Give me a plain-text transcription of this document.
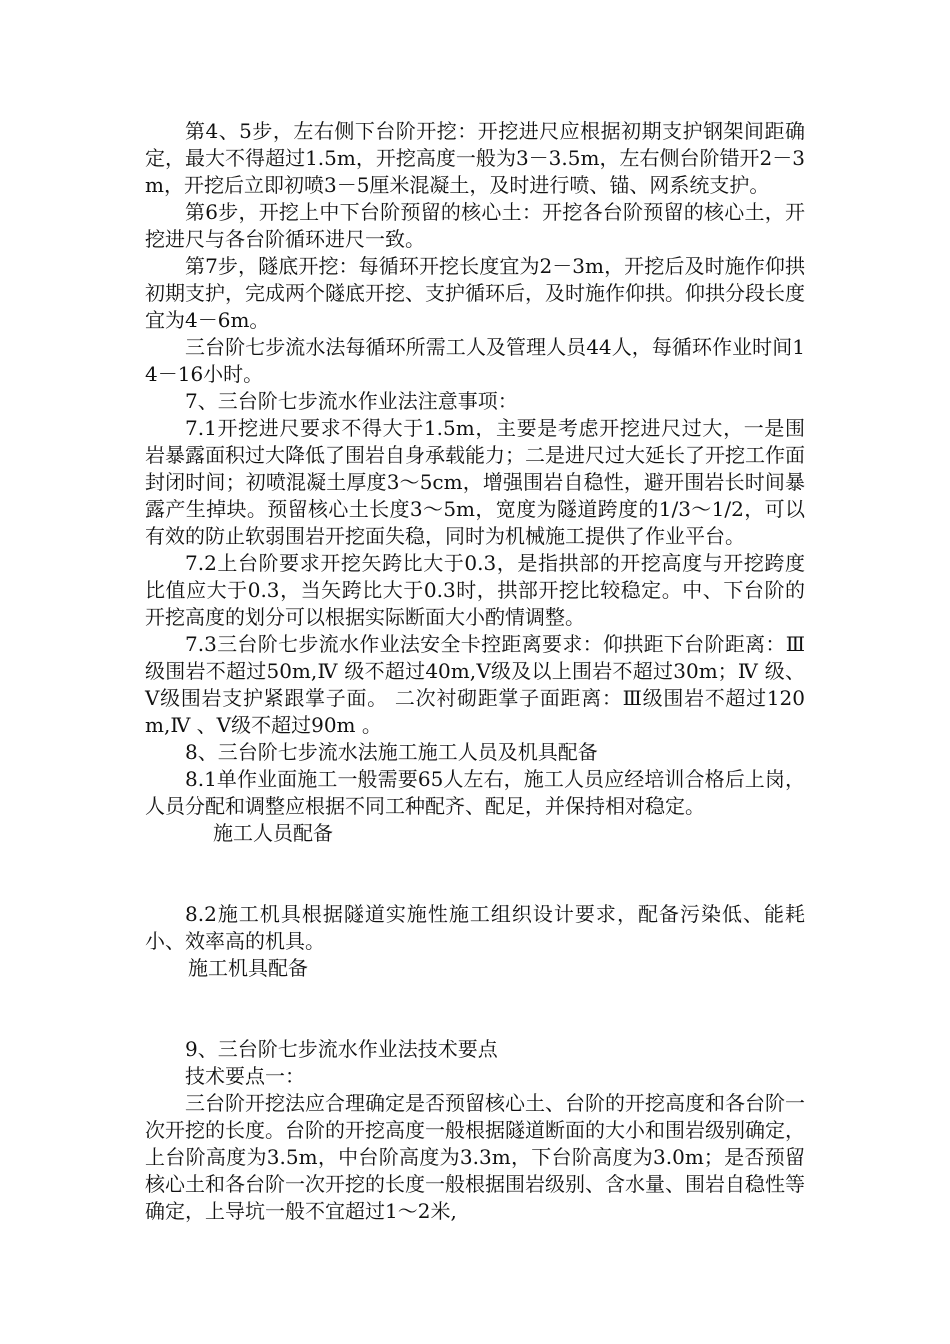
第4、5步，左右侧下台阶开挖：开挖进尺应根据初期支护钢架间距确定，最大不得超过1.5m，开挖高度一般为3－3.5m，左右侧台阶错开2－3m，开挖后立即初喷3－5厘米混凝土，及时进行喷、锚、网系统支护。

第6步，开挖上中下台阶预留的核心土：开挖各台阶预留的核心土，开挖进尺与各台阶循环进尺一致。

第7步，隧底开挖：每循环开挖长度宜为2－3m，开挖后及时施作仰拱初期支护，完成两个隧底开挖、支护循环后，及时施作仰拱。仰拱分段长度宜为4－6m。

三台阶七步流水法每循环所需工人及管理人员44人，每循环作业时间14－16小时。

7、三台阶七步流水作业法注意事项：

7.1开挖进尺要求不得大于1.5m，主要是考虑开挖进尺过大，一是围岩暴露面积过大降低了围岩自身承载能力；二是进尺过大延长了开挖工作面封闭时间；初喷混凝土厚度3～5cm，增强围岩自稳性，避开围岩长时间暴露产生掉块。预留核心土长度3～5m，宽度为隧道跨度的1/3～1/2，可以有效的防止软弱围岩开挖面失稳，同时为机械施工提供了作业平台。

7.2上台阶要求开挖矢跨比大于0.3，是指拱部的开挖高度与开挖跨度比值应大于0.3，当矢跨比大于0.3时，拱部开挖比较稳定。中、下台阶的开挖高度的划分可以根据实际断面大小酌情调整。

7.3三台阶七步流水作业法安全卡控距离要求：仰拱距下台阶距离：Ⅲ级围岩不超过50m,Ⅳ 级不超过40m,Ⅴ级及以上围岩不超过30m；Ⅳ 级、Ⅴ级围岩支护紧跟掌子面。 二次衬砌距掌子面距离：Ⅲ级围岩不超过120m,Ⅳ 、Ⅴ级不超过90m 。

8、三台阶七步流水法施工施工人员及机具配备

8.1单作业面施工一般需要65人左右，施工人员应经培训合格后上岗，人员分配和调整应根据不同工种配齐、配足，并保持相对稳定。

施工人员配备

8.2施工机具根据隧道实施性施工组织设计要求，配备污染低、能耗小、效率高的机具。

施工机具配备

9、三台阶七步流水作业法技术要点

技术要点一：

三台阶开挖法应合理确定是否预留核心土、台阶的开挖高度和各台阶一次开挖的长度。台阶的开挖高度一般根据隧道断面的大小和围岩级别确定，上台阶高度为3.5m，中台阶高度为3.3m，下台阶高度为3.0m；是否预留核心土和各台阶一次开挖的长度一般根据围岩级别、含水量、围岩自稳性等确定，上导坑一般不宜超过1～2米,
